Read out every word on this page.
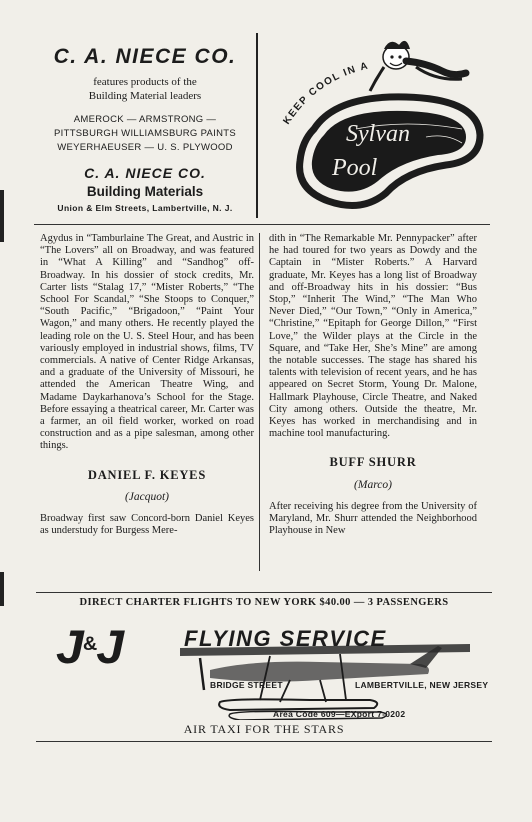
C. A. NIECE CO.
features products of the
Building Material leaders
AMEROCK — ARMSTRONG —
PITTSBURGH WILLIAMSBURG PAINTS
WEYERHAEUSER — U. S. PLYWOOD
C. A. NIECE CO.
Building Materials
Union & Elm Streets, Lambertville, N. J.
KEEP COOL IN A
Sylvan
Pool

Agydus in “Tamburlaine The Great, and Austric in “The Lovers” all on Broadway, and was featured in “What A Killing” and “Sandhog” off-Broadway. In his dossier of stock credits, Mr. Carter lists “Stalag 17,” “Mister Roberts,” “The School For Scandal,” “She Stoops to Conquer,” “South Pacific,” “Brigadoon,” “Paint Your Wagon,” and many others. He recently played the leading role on the U. S. Steel Hour, and has been variously employed in industrial shows, films, TV commercials. A native of Center Ridge Arkansas, and a graduate of the University of Missouri, he attended the American Theatre Wing, and Madame Daykarhanova’s School for the Stage. Before essaying a theatrical career, Mr. Carter was a farmer, an oil field worker, worked on road construction and as a pipe salesman, among other things.

DANIEL F. KEYES
(Jacquot)

Broadway first saw Concord-born Daniel Keyes as understudy for Burgess Mere-

dith in “The Remarkable Mr. Pennypacker” after he had toured for two years as Dowdy and the Captain in “Mister Roberts.” A Harvard graduate, Mr. Keyes has a long list of Broadway and off-Broadway hits in his dossier: “Bus Stop,” “Inherit The Wind,” “The Man Who Never Died,” “Our Town,” “Only in America,” “Christine,” “Epitaph for George Dillon,” “First Love,” the Wilder plays at the Circle in the Square, and “Take Her, She’s Mine” are among the notable successes. The stage has shared his talents with television of recent years, and he has appeared on Secret Storm, Young Dr. Malone, Hallmark Playhouse, Circle Theatre, and Naked City among others. Outside the theatre, Mr. Keyes has worked in merchandising and in machine tool manufacturing.

BUFF SHURR
(Marco)

After receiving his degree from the University of Maryland, Mr. Shurr attended the Neighborhood Playhouse in New

DIRECT CHARTER FLIGHTS TO NEW YORK $40.00 — 3 PASSENGERS
J&J	FLYING SERVICE
BRIDGE STREET	LAMBERTVILLE, NEW JERSEY
Area Code 609—EXport 7-0202
AIR TAXI FOR THE STARS
